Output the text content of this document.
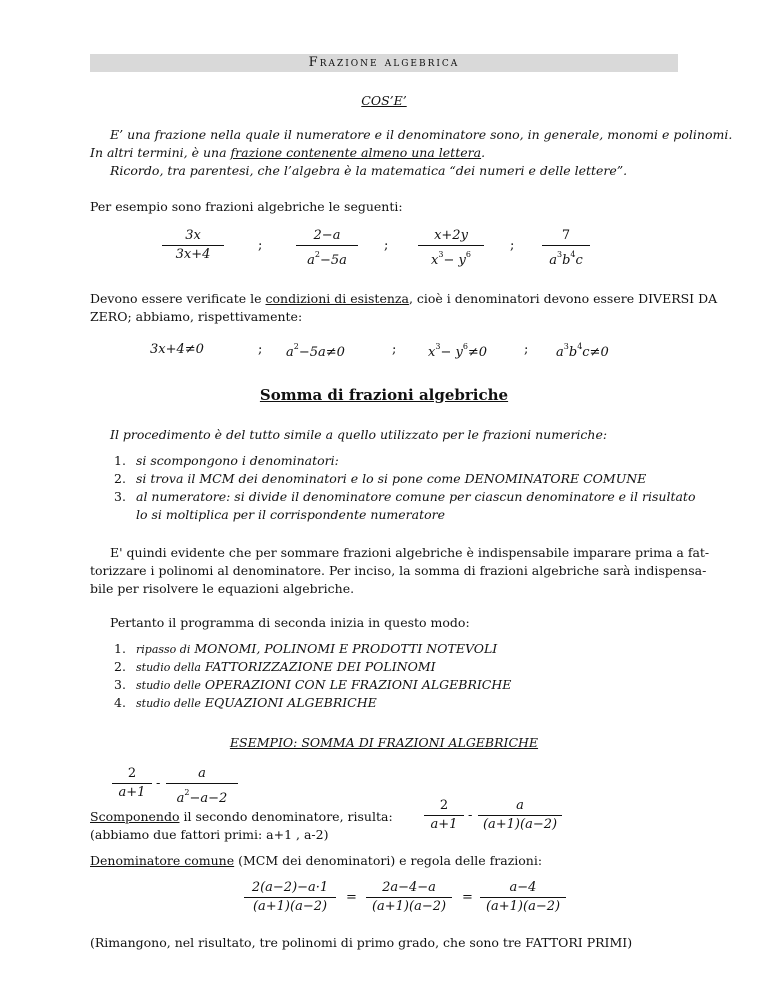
Frazione algebrica
COS’E’
E’ una frazione nella quale il numeratore e il denominatore sono, in generale, monomi e polinomi.
In altri termini, è una frazione contenente almeno una lettera.
Ricordo, tra parentesi, che l’algebra è la matematica “dei numeri e delle lettere”.
Per esempio sono frazioni algebriche le seguenti:
3x
3x+4
;
2−a
$a^2-5a$
;
x+2y
$x^3- y^6$
;
7
$a^3b^4c$
Devono essere verificate le condizioni di esistenza, cioè i denominatori devono essere DIVERSI DA
ZERO; abbiamo, rispettivamente:
3x+4≠0	; $a^2-5a\ne 0$	; $x^3- y^6\ne 0$	; $a^3b^4c\ne 0$
Somma di frazioni algebriche
Il procedimento è del tutto simile a quello utilizzato per le frazioni numeriche:
1. si scompongono i denominatori:
2. si trova il MCM dei denominatori e lo si pone come DENOMINATORE COMUNE
3. al numeratore: si divide il denominatore comune per ciascun denominatore e il risultato
lo si moltiplica per il corrispondente numeratore
E' quindi evidente che per sommare frazioni algebriche è indispensabile imparare prima a fat-
torizzare i polinomi al denominatore. Per inciso, la somma di frazioni algebriche sarà indispensa-
bile per risolvere le equazioni algebriche.
Pertanto il programma di seconda inizia in questo modo:
1. ripasso di MONOMI, POLINOMI E PRODOTTI NOTEVOLI
2. studio della FATTORIZZAZIONE DEI POLINOMI
3. studio delle OPERAZIONI CON LE FRAZIONI ALGEBRICHE
4. studio delle EQUAZIONI ALGEBRICHE
ESEMPIO: SOMMA DI FRAZIONI ALGEBRICHE
2
a+1
-
a
$a^2-a-2$
Scomponendo il secondo denominatore, risulta:
(abbiamo due fattori primi: a+1 , a-2)
2
a+1
-
a
(a+1)(a−2)
Denominatore comune (MCM dei denominatori) e regola delle frazioni:
2(a−2)−a·1
(a+1)(a−2)
=
2a−4−a
(a+1)(a−2)
=
a−4
(a+1)(a−2)
(Rimangono, nel risultato, tre polinomi di primo grado, che sono tre FATTORI PRIMI)
